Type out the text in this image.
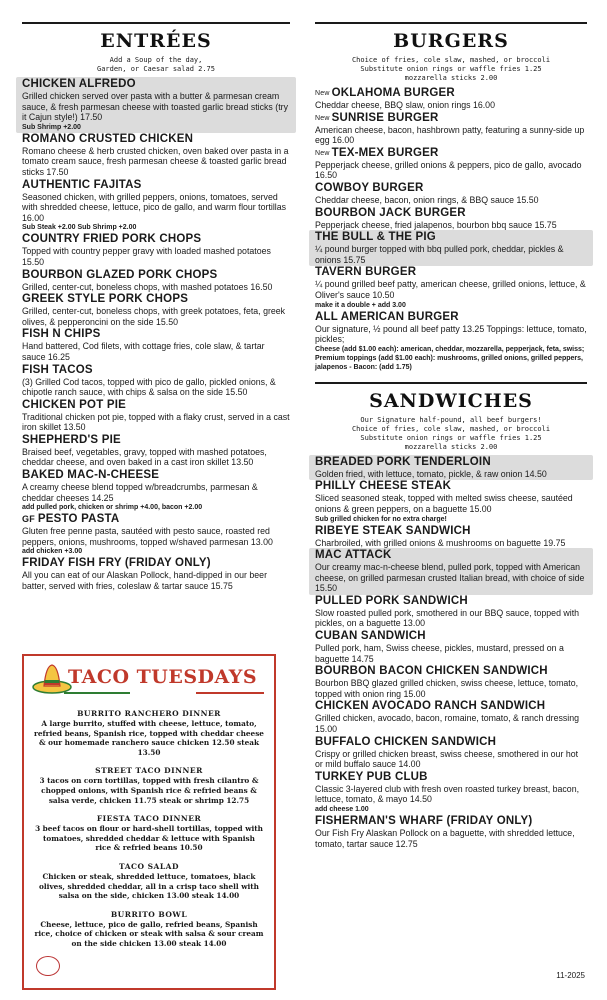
ENTRÉES
Add a Soup of the day,
Garden, or Caesar salad 2.75
CHICKEN ALFREDO
Grilled chicken served over pasta with a butter & parmesan cream sauce, & fresh parmesan cheese with toasted garlic bread sticks (try it Cajun style!) 17.50
Sub Shrimp +2.00
ROMANO CRUSTED CHICKEN
Romano cheese & herb crusted chicken, oven baked over pasta in a tomato cream sauce, fresh parmesan cheese & toasted garlic bread sticks 17.50
AUTHENTIC FAJITAS
Seasoned chicken, with grilled peppers, onions, tomatoes, served with shredded cheese, lettuce, pico de gallo, and warm flour tortillas 16.00
Sub Steak +2.00 Sub Shrimp +2.00
COUNTRY FRIED PORK CHOPS
Topped with country pepper gravy with loaded mashed potatoes 15.50
BOURBON GLAZED PORK CHOPS
Grilled, center-cut, boneless chops, with mashed potatoes 16.50
GREEK STYLE PORK CHOPS
Grilled, center-cut, boneless chops, with greek potatoes, feta, greek olives, & pepperoncini on the side 15.50
FISH N CHIPS
Hand battered, Cod filets, with cottage fries, cole slaw, & tartar sauce 16.25
FISH TACOS
(3) Grilled Cod tacos, topped with pico de gallo, pickled onions, & chipotle ranch sauce, with chips & salsa on the side 15.50
CHICKEN POT PIE
Traditional chicken pot pie, topped with a flaky crust, served in a cast iron skillet 13.50
SHEPHERD'S PIE
Braised beef, vegetables, gravy, topped with mashed potatoes, cheddar cheese, and oven baked in a cast iron skillet 13.50
BAKED MAC-N-CHEESE
A creamy cheese blend topped w/breadcrumbs, parmesan & cheddar cheeses 14.25
add pulled pork, chicken or shrimp +4.00, bacon +2.00
GF PESTO PASTA
Gluten free penne pasta, sautéed with pesto sauce, roasted red peppers, onions, mushrooms, topped w/shaved parmesan 13.00
add chicken +3.00
FRIDAY FISH FRY (FRIDAY ONLY)
All you can eat of our Alaskan Pollock, hand-dipped in our beer batter, served with fries, coleslaw & tartar sauce 15.75
TACO TUESDAYS
BURRITO RANCHERO DINNER
A large burrito, stuffed with cheese, lettuce, tomato, refried beans, Spanish rice, topped with cheddar cheese & our homemade ranchero sauce chicken 12.50 steak 13.50
STREET TACO DINNER
3 tacos on corn tortillas, topped with fresh cilantro & chopped onions, with Spanish rice & refried beans & salsa verde, chicken 11.75 steak or shrimp 12.75
FIESTA TACO DINNER
3 beef tacos on flour or hard-shell tortillas, topped with tomatoes, shredded cheddar & lettuce with Spanish rice & refried beans 10.50
TACO SALAD
Chicken or steak, shredded lettuce, tomatoes, black olives, shredded cheddar, all in a crisp taco shell with salsa on the side, chicken 13.00 steak 14.00
BURRITO BOWL
Cheese, lettuce, pico de gallo, refried beans, Spanish rice, choice of chicken or steak with salsa & sour cream on the side chicken 13.00 steak 14.00
BURGERS
Choice of fries, cole slaw, mashed, or broccoli
Substitute onion rings or waffle fries 1.25
mozzarella sticks 2.00
New OKLAHOMA BURGER
Cheddar cheese, BBQ slaw, onion rings 16.00
New SUNRISE BURGER
American cheese, bacon, hashbrown patty, featuring a sunny-side up egg 16.00
New TEX-MEX BURGER
Pepperjack cheese, grilled onions & peppers, pico de gallo, avocado 16.50
COWBOY BURGER
Cheddar cheese, bacon, onion rings, & BBQ sauce 15.50
BOURBON JACK BURGER
Pepperjack cheese, fried jalapenos, bourbon bbq sauce 15.75
THE BULL & THE PIG
¼ pound burger topped with bbq pulled pork, cheddar, pickles & onions 15.75
TAVERN BURGER
¼ pound grilled beef patty, american cheese, grilled onions, lettuce, & Oliver's sauce 10.50
make it a double + add 3.00
ALL AMERICAN BURGER
Our signature, ½ pound all beef patty 13.25 Toppings: lettuce, tomato, pickles;
Cheese (add $1.00 each): american, cheddar, mozzarella, pepperjack, feta, swiss; Premium toppings (add $1.00 each): mushrooms, grilled onions, grilled peppers, jalapenos - Bacon: (add 1.75)
SANDWICHES
Our Signature half-pound, all beef burgers!
Choice of fries, cole slaw, mashed, or broccoli
Substitute onion rings or waffle fries 1.25
mozzarella sticks 2.00
BREADED PORK TENDERLOIN
Golden fried, with lettuce, tomato, pickle, & raw onion 14.50
PHILLY CHEESE STEAK
Sliced seasoned steak, topped with melted swiss cheese, sautéed onions & green peppers, on a baguette 15.00
Sub grilled chicken for no extra charge!
RIBEYE STEAK SANDWICH
Charbroiled, with grilled onions & mushrooms on baguette 19.75
MAC ATTACK
Our creamy mac-n-cheese blend, pulled pork, topped with American cheese, on grilled parmesan crusted Italian bread, with choice of side 15.50
PULLED PORK SANDWICH
Slow roasted pulled pork, smothered in our BBQ sauce, topped with pickles, on a baguette 13.00
CUBAN SANDWICH
Pulled pork, ham, Swiss cheese, pickles, mustard, pressed on a baguette 14.75
BOURBON BACON CHICKEN SANDWICH
Bourbon BBQ glazed grilled chicken, swiss cheese, lettuce, tomato, topped with onion ring 15.00
CHICKEN AVOCADO RANCH SANDWICH
Grilled chicken, avocado, bacon, romaine, tomato, & ranch dressing 15.00
BUFFALO CHICKEN SANDWICH
Crispy or grilled chicken breast, swiss cheese, smothered in our hot or mild buffalo sauce 14.00
TURKEY PUB CLUB
Classic 3-layered club with fresh oven roasted turkey breast, bacon, lettuce, tomato, & mayo 14.50
add cheese 1.00
FISHERMAN'S WHARF (FRIDAY ONLY)
Our Fish Fry Alaskan Pollock on a baguette, with shredded lettuce, tomato, tartar sauce 12.75
11-2025
